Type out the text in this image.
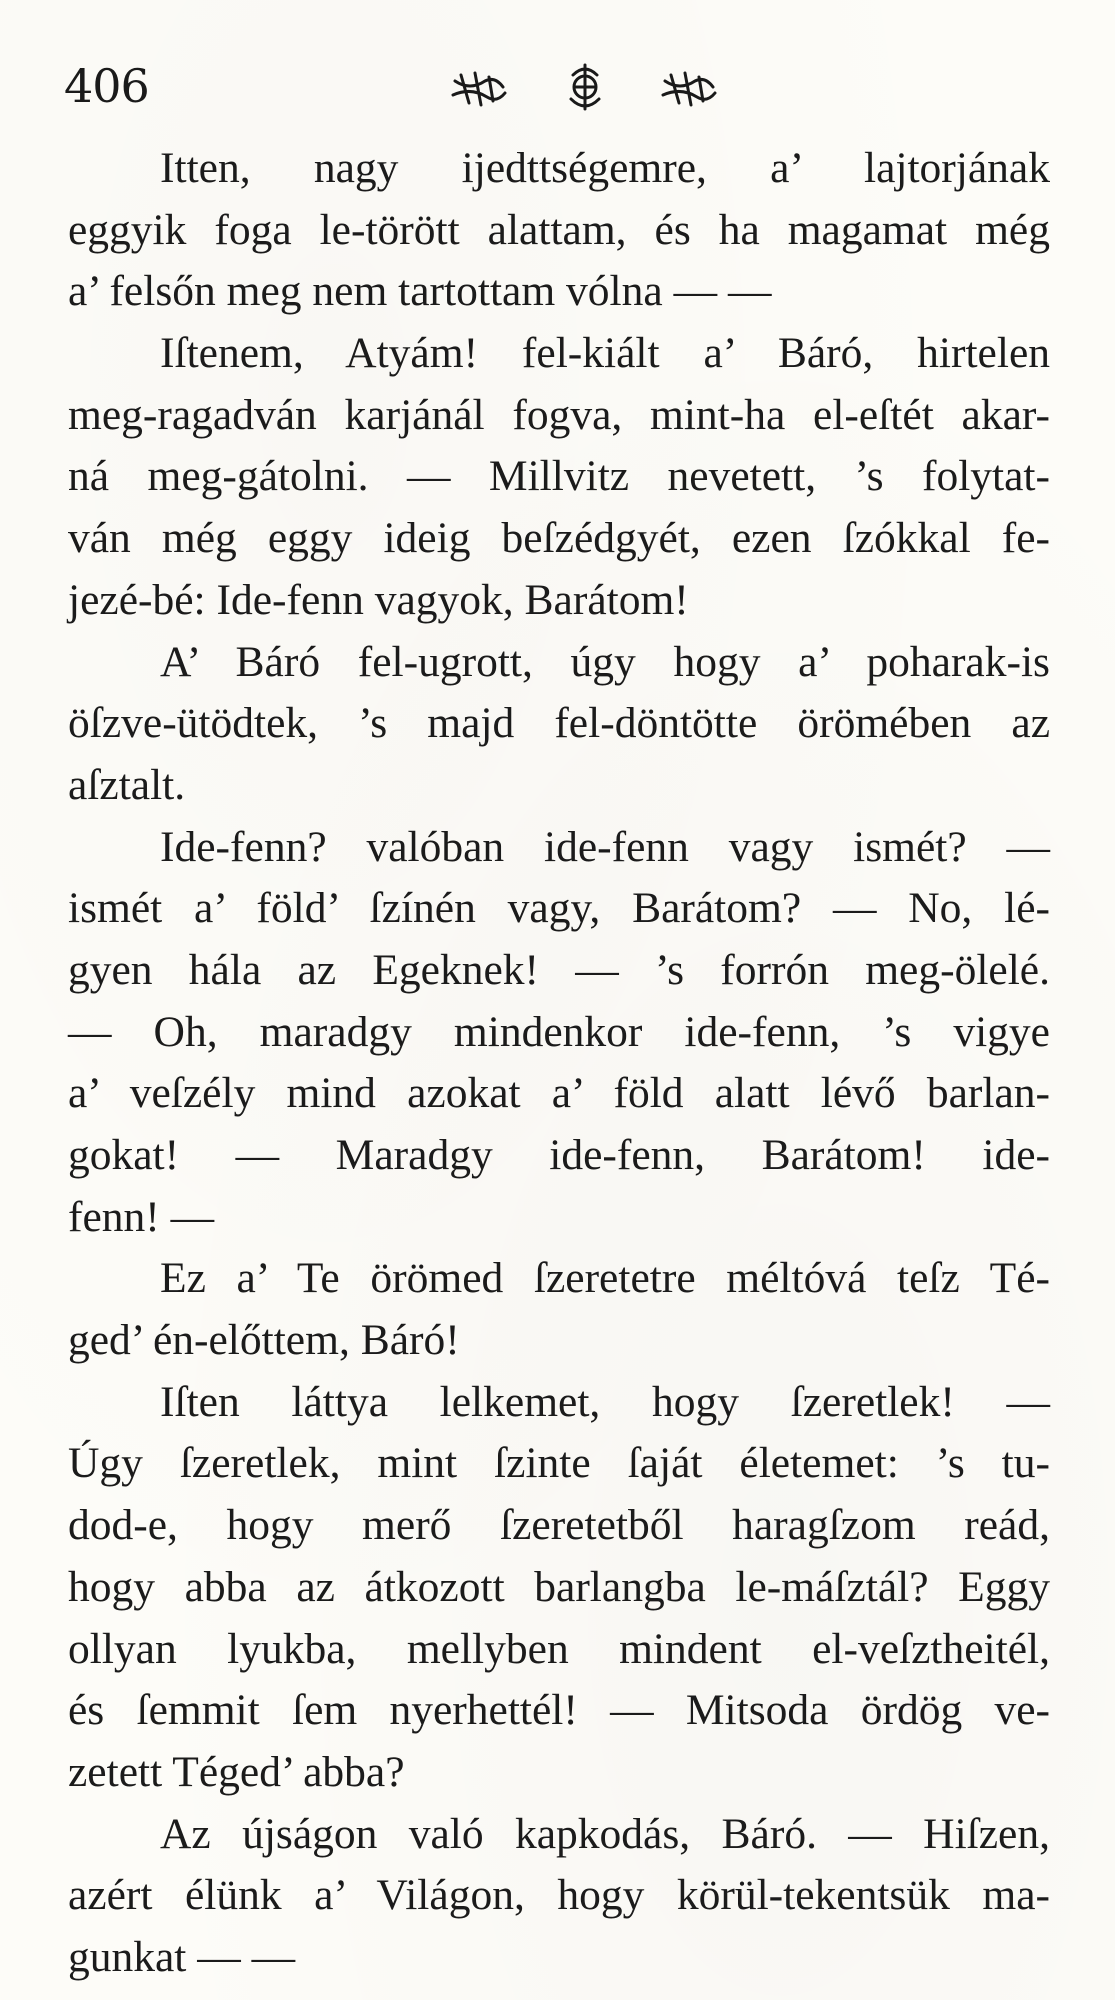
406
Itten, nagy ijedttségemre, a’ lajtorjának
eggyik foga le-törött alattam, és ha magamat még
a’ felsőn meg nem tartottam vólna — —
Iſtenem, Atyám! fel-kiált a’ Báró, hirtelen
meg-ragadván karjánál fogva, mint-ha el-eſtét akar-
ná meg-gátolni. — Millvitz nevetett, ’s folytat-
ván még eggy ideig beſzédgyét, ezen ſzókkal fe-
jezé-bé: Ide-fenn vagyok, Barátom!
A’ Báró fel-ugrott, úgy hogy a’ poharak-is
öſzve-ütödtek, ’s majd fel-döntötte örömében az
aſztalt.
Ide-fenn? valóban ide-fenn vagy ismét? —
ismét a’ föld’ ſzínén vagy, Barátom? — No, lé-
gyen hála az Egeknek! — ’s forrón meg-ölelé.
— Oh, maradgy mindenkor ide-fenn, ’s vigye
a’ veſzély mind azokat a’ föld alatt lévő barlan-
gokat! — Maradgy ide-fenn, Barátom! ide-
fenn! —
Ez a’ Te örömed ſzeretetre méltóvá teſz Té-
ged’ én-előttem, Báró!
Iſten láttya lelkemet, hogy ſzeretlek! —
Úgy ſzeretlek, mint ſzinte ſaját életemet: ’s tu-
dod-e, hogy merő ſzeretetből haragſzom reád,
hogy abba az átkozott barlangba le-máſztál? Eggy
ollyan lyukba, mellyben mindent el-veſztheitél,
és ſemmit ſem nyerhettél! — Mitsoda ördög ve-
zetett Téged’ abba?
Az újságon való kapkodás, Báró. — Hiſzen,
azért élünk a’ Világon, hogy körül-tekentsük ma-
gunkat — —
